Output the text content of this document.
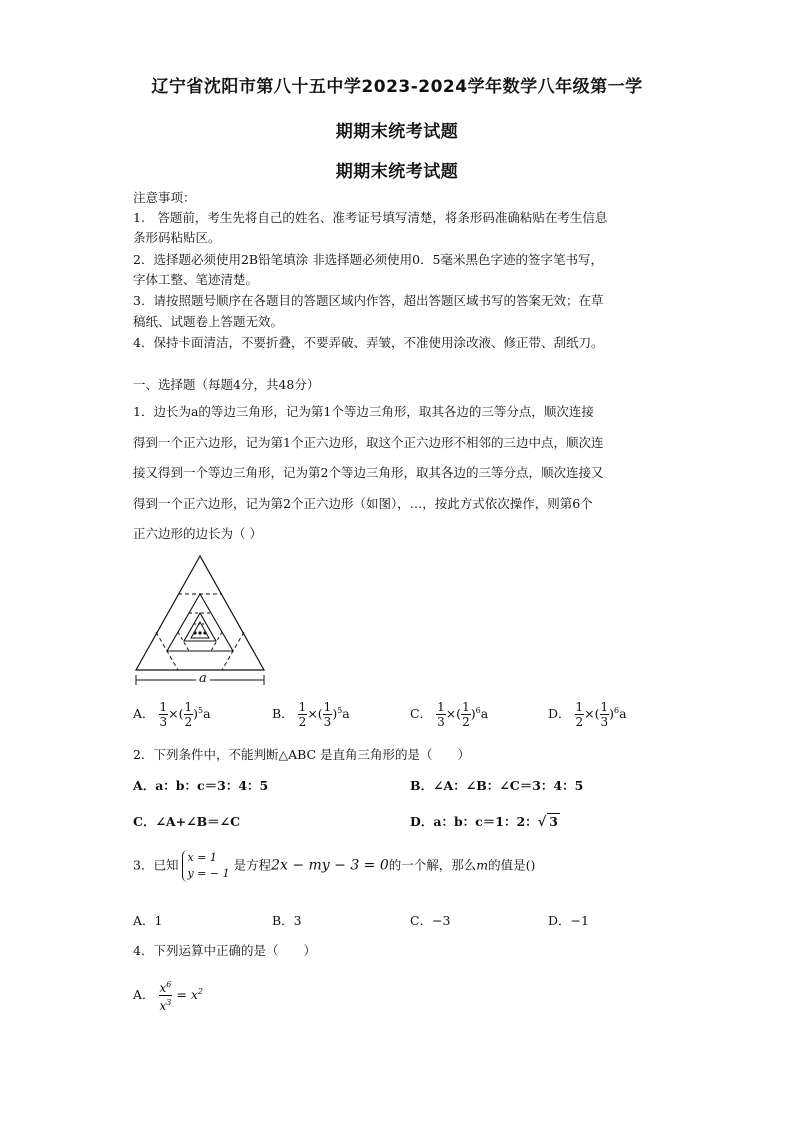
辽宁省沈阳市第八十五中学2023-2024学年数学八年级第一学
期期末统考试题
期期末统考试题
注意事项：
1.　答题前，考生先将自己的姓名、准考证号填写清楚，将条形码准确粘贴在考生信息
条形码粘贴区。
2．选择题必须使用2B铅笔填涂 非选择题必须使用0．5毫米黑色字迹的签字笔书写，
字体工整、笔迹清楚。
3．请按照题号顺序在各题目的答题区域内作答，超出答题区域书写的答案无效；在草
稿纸、试题卷上答题无效。
4．保持卡面清洁，不要折叠，不要弄破、弄皱，不准使用涂改液、修正带、刮纸刀。
一、选择题（每题4分，共48分）
1．边长为a的等边三角形，记为第1个等边三角形，取其各边的三等分点，顺次连接
得到一个正六边形，记为第1个正六边形，取这个正六边形不相邻的三边中点，顺次连
接又得到一个等边三角形，记为第2个等边三角形，取其各边的三等分点，顺次连接又
得到一个正六边形，记为第2个正六边形（如图），…，按此方式依次操作，则第6个
正六边形的边长为（ ）
a
A． $\frac{1}{3}$ ×( $\frac{1}{2} )^5a$	B． $\frac{1}{2}$ ×( $\frac{1}{3} )^5a$	C． $\frac{1}{3}$ ×( $\frac{1}{2} )^6a$	D． $\frac{1}{2}$ ×( $\frac{1}{3} )^6a$
2．下列条件中，不能判断△ABC 是直角三角形的是（　　）
A．a：b：c＝3：4：5	B．∠A：∠B：∠C＝3：4：5
C．∠A+∠B＝∠C	D．a：b：c＝1：2：√ 3
3．已知 x = 1
y = − 1
是方程2x − my − 3 = 0的一个解，那么m的值是()
A．1	B．3	C．−3	D．−1
4．下列运算中正确的是（　　）
A． $\frac{x^6}{x^3} = x^2$
